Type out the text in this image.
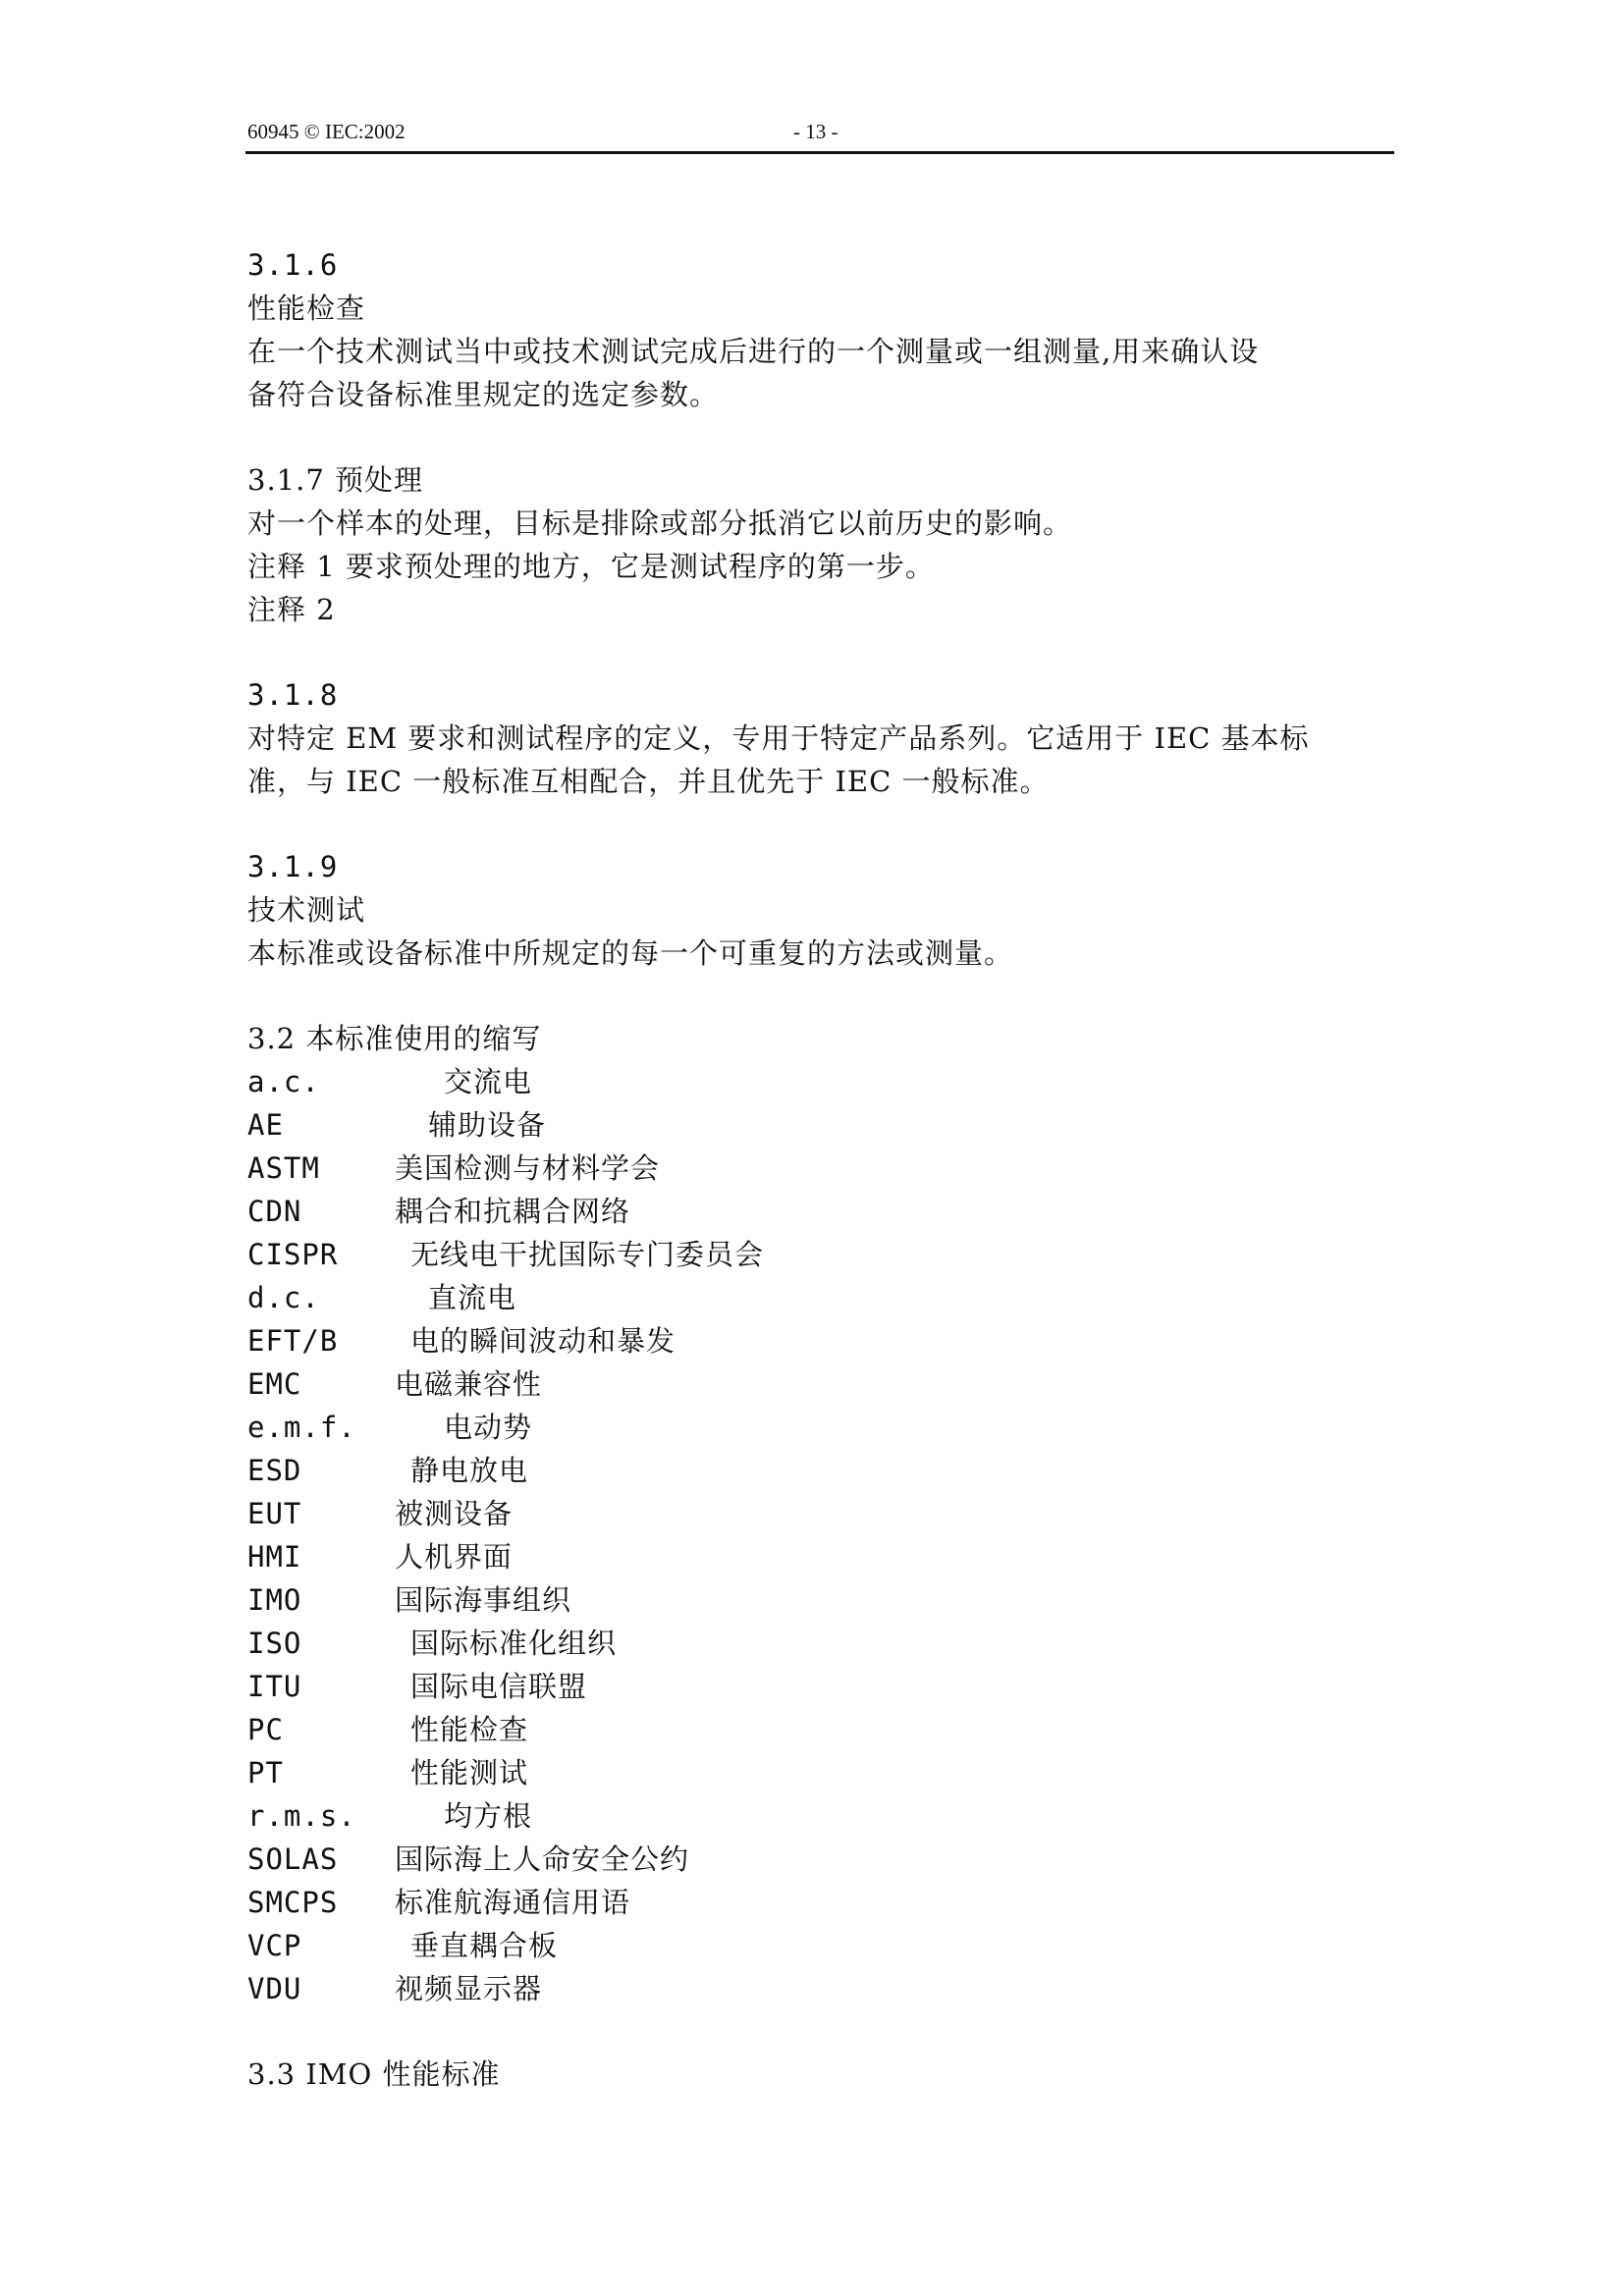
60945 © IEC:2002	- 13 -
3.1.6
性能检查
在一个技术测试当中或技术测试完成后进行的一个测量或一组测量,用来确认设
备符合设备标准里规定的选定参数。
3.1.7 预处理
对一个样本的处理，目标是排除或部分抵消它以前历史的影响。
注释 1 要求预处理的地方，它是测试程序的第一步。
注释 2
3.1.8
对特定 EM 要求和测试程序的定义，专用于特定产品系列。它适用于 IEC 基本标
准，与 IEC 一般标准互相配合，并且优先于 IEC 一般标准。
3.1.9
技术测试
本标准或设备标准中所规定的每一个可重复的方法或测量。
3.2 本标准使用的缩写
a.c.	交流电
AE	辅助设备
ASTM	美国检测与材料学会
CDN	耦合和抗耦合网络
CISPR	无线电干扰国际专门委员会
d.c.	直流电
EFT/B	电的瞬间波动和暴发
EMC	电磁兼容性
e.m.f.	电动势
ESD	静电放电
EUT	被测设备
HMI	人机界面
IMO	国际海事组织
ISO	国际标准化组织
ITU	国际电信联盟
PC	性能检查
PT	性能测试
r.m.s.	均方根
SOLAS 国际海上人命安全公约
SMCPS 标准航海通信用语
VCP	垂直耦合板
VDU	视频显示器
3.3 IMO 性能标准
